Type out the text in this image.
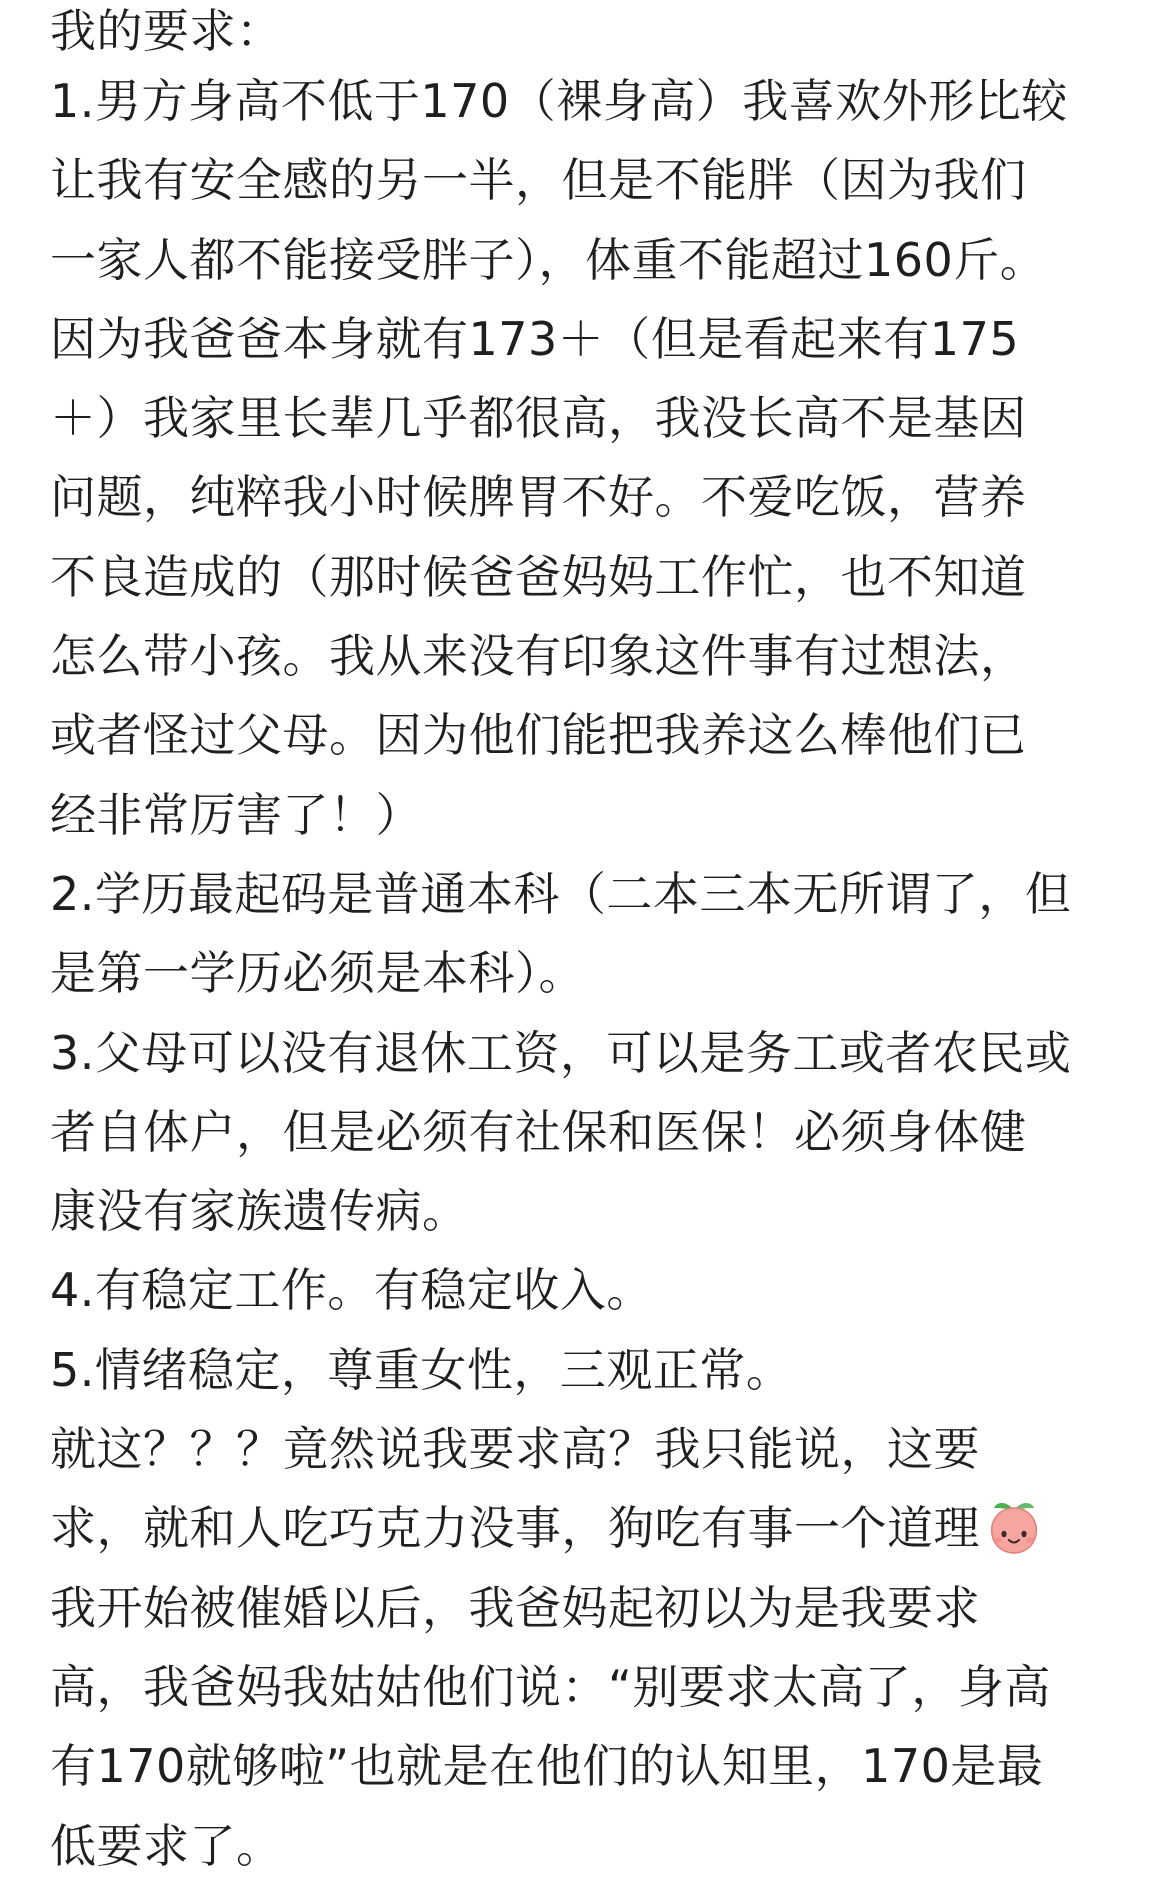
我的要求：
1.男方身高不低于170（裸身高）我喜欢外形比较
让我有安全感的另一半，但是不能胖（因为我们
一家人都不能接受胖子），体重不能超过160斤。
因为我爸爸本身就有173＋（但是看起来有175
＋）我家里长辈几乎都很高，我没长高不是基因
问题，纯粹我小时候脾胃不好。不爱吃饭，营养
不良造成的（那时候爸爸妈妈工作忙，也不知道
怎么带小孩。我从来没有印象这件事有过想法，
或者怪过父母。因为他们能把我养这么棒他们已
经非常厉害了！）
2.学历最起码是普通本科（二本三本无所谓了，但
是第一学历必须是本科）。
3.父母可以没有退休工资，可以是务工或者农民或
者自体户，但是必须有社保和医保！必须身体健
康没有家族遗传病。
4.有稳定工作。有稳定收入。
5.情绪稳定，尊重女性，三观正常。
就这？？？竟然说我要求高？我只能说，这要
求，就和人吃巧克力没事，狗吃有事一个道理
我开始被催婚以后，我爸妈起初以为是我要求
高，我爸妈我姑姑他们说：“别要求太高了，身高
有170就够啦”也就是在他们的认知里，170是最
低要求了。
